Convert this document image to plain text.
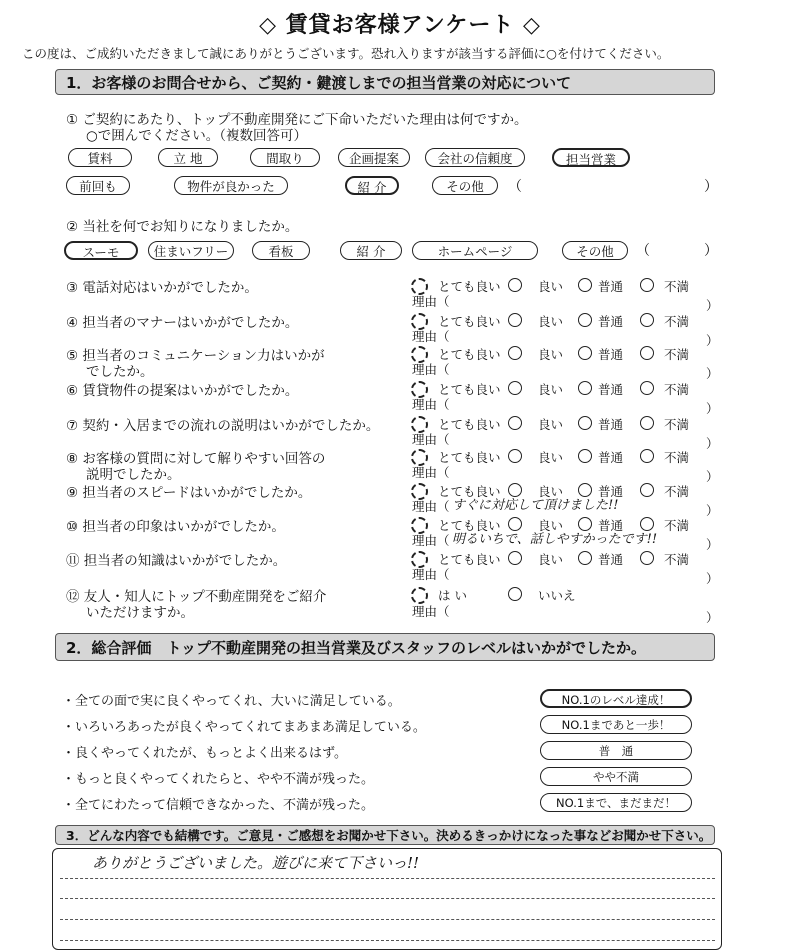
◇ 賃貸お客様アンケート ◇
この度は、ご成約いただきまして誠にありがとうございます。恐れ入りますが該当する評価に○を付けてください。
1．お客様のお問合せから、ご契約・鍵渡しまでの担当営業の対応について
① ご契約にあたり、トップ不動産開発にご下命いただいた理由は何ですか。
○で囲んでください。（複数回答可）
賃料	立 地	間取り	企画提案	会社の信頼度	担当営業
前回も	物件が良かった	紹 介	その他	（	）
② 当社を何でお知りになりましたか。
スーモ	住まいフリー	看板	紹 介	ホームページ	その他	（	）
③ 電話対応はいかがでしたか。	とても良い	良い	普通	不満
理由（	）
④ 担当者のマナーはいかがでしたか。	とても良い	良い	普通	不満
理由（	）
⑤ 担当者のコミュニケーション力はいかが
でしたか。
とても良い	良い	普通	不満
理由（	）
⑥ 賃貸物件の提案はいかがでしたか。	とても良い	良い	普通	不満
理由（	）
⑦ 契約・入居までの流れの説明はいかがでしたか。	とても良い	良い	普通	不満
理由（	）
⑧ お客様の質問に対して解りやすい回答の
説明でしたか。
とても良い	良い	普通	不満
理由（	）
⑨ 担当者のスピードはいかがでしたか。	とても良い	良い	普通	不満
理由（ すぐに対応して頂けました!!	）
⑩ 担当者の印象はいかがでしたか。	とても良い	良い	普通	不満
理由（ 明るいちで、話しやすかったです!!	）
⑪ 担当者の知識はいかがでしたか。	とても良い	良い	普通	不満
理由（	）
⑫ 友人・知人にトップ不動産開発をご紹介
いただけますか。
は い	いいえ
理由（	）
2．総合評価　トップ不動産開発の担当営業及びスタッフのレベルはいかがでしたか。
・全ての面で実に良くやってくれ、大いに満足している。	NO.1のレベル達成！
・いろいろあったが良くやってくれてまあまあ満足している。	NO.1まであと一歩！
・良くやってくれたが、もっとよく出来るはず。	普　通
・もっと良くやってくれたらと、やや不満が残った。	やや不満
・全てにわたって信頼できなかった、不満が残った。	NO.1まで、まだまだ！
3．どんな内容でも結構です。ご意見・ご感想をお聞かせ下さい。決めるきっかけになった事などお聞かせ下さい。
ありがとうございました。遊びに来て下さいっ!!
